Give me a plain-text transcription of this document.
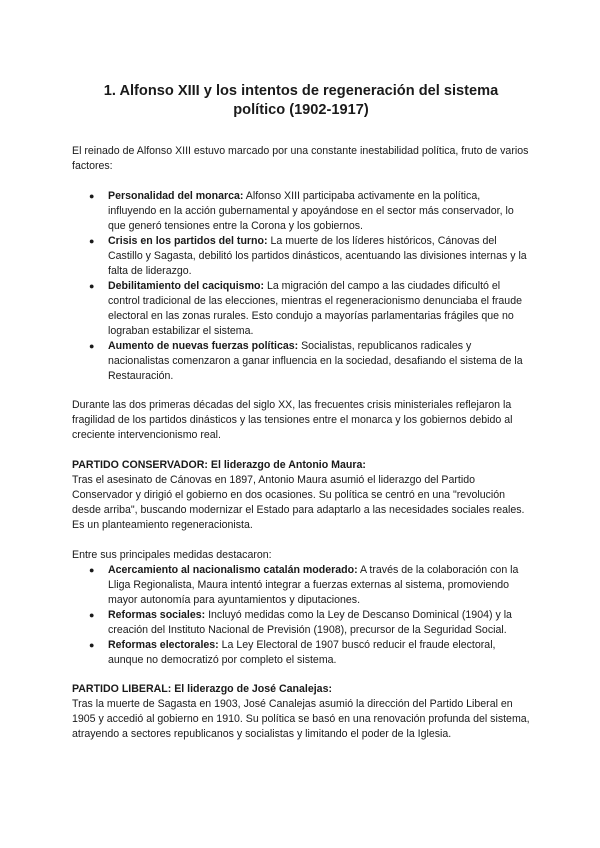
1. Alfonso XIII y los intentos de regeneración del sistema político (1902-1917)

El reinado de Alfonso XIII estuvo marcado por una constante inestabilidad política, fruto de varios factores:

● Personalidad del monarca: Alfonso XIII participaba activamente en la política, influyendo en la acción gubernamental y apoyándose en el sector más conservador, lo que generó tensiones entre la Corona y los gobiernos.
● Crisis en los partidos del turno: La muerte de los líderes históricos, Cánovas del Castillo y Sagasta, debilitó los partidos dinásticos, acentuando las divisiones internas y la falta de liderazgo.
● Debilitamiento del caciquismo: La migración del campo a las ciudades dificultó el control tradicional de las elecciones, mientras el regeneracionismo denunciaba el fraude electoral en las zonas rurales. Esto condujo a mayorías parlamentarias frágiles que no lograban estabilizar el sistema.
● Aumento de nuevas fuerzas políticas: Socialistas, republicanos radicales y nacionalistas comenzaron a ganar influencia en la sociedad, desafiando el sistema de la Restauración.

Durante las dos primeras décadas del siglo XX, las frecuentes crisis ministeriales reflejaron la fragilidad de los partidos dinásticos y las tensiones entre el monarca y los gobiernos debido al creciente intervencionismo real.

PARTIDO CONSERVADOR: El liderazgo de Antonio Maura:

Tras el asesinato de Cánovas en 1897, Antonio Maura asumió el liderazgo del Partido Conservador y dirigió el gobierno en dos ocasiones. Su política se centró en una "revolución desde arriba", buscando modernizar el Estado para adaptarlo a las necesidades sociales reales. Es un planteamiento regeneracionista.

Entre sus principales medidas destacaron:

● Acercamiento al nacionalismo catalán moderado: A través de la colaboración con la Lliga Regionalista, Maura intentó integrar a fuerzas externas al sistema, promoviendo mayor autonomía para ayuntamientos y diputaciones.
● Reformas sociales: Incluyó medidas como la Ley de Descanso Dominical (1904) y la creación del Instituto Nacional de Previsión (1908), precursor de la Seguridad Social.
● Reformas electorales: La Ley Electoral de 1907 buscó reducir el fraude electoral, aunque no democratizó por completo el sistema.

PARTIDO LIBERAL: El liderazgo de José Canalejas:

Tras la muerte de Sagasta en 1903, José Canalejas asumió la dirección del Partido Liberal en 1905 y accedió al gobierno en 1910. Su política se basó en una renovación profunda del sistema, atrayendo a sectores republicanos y socialistas y limitando el poder de la Iglesia.
